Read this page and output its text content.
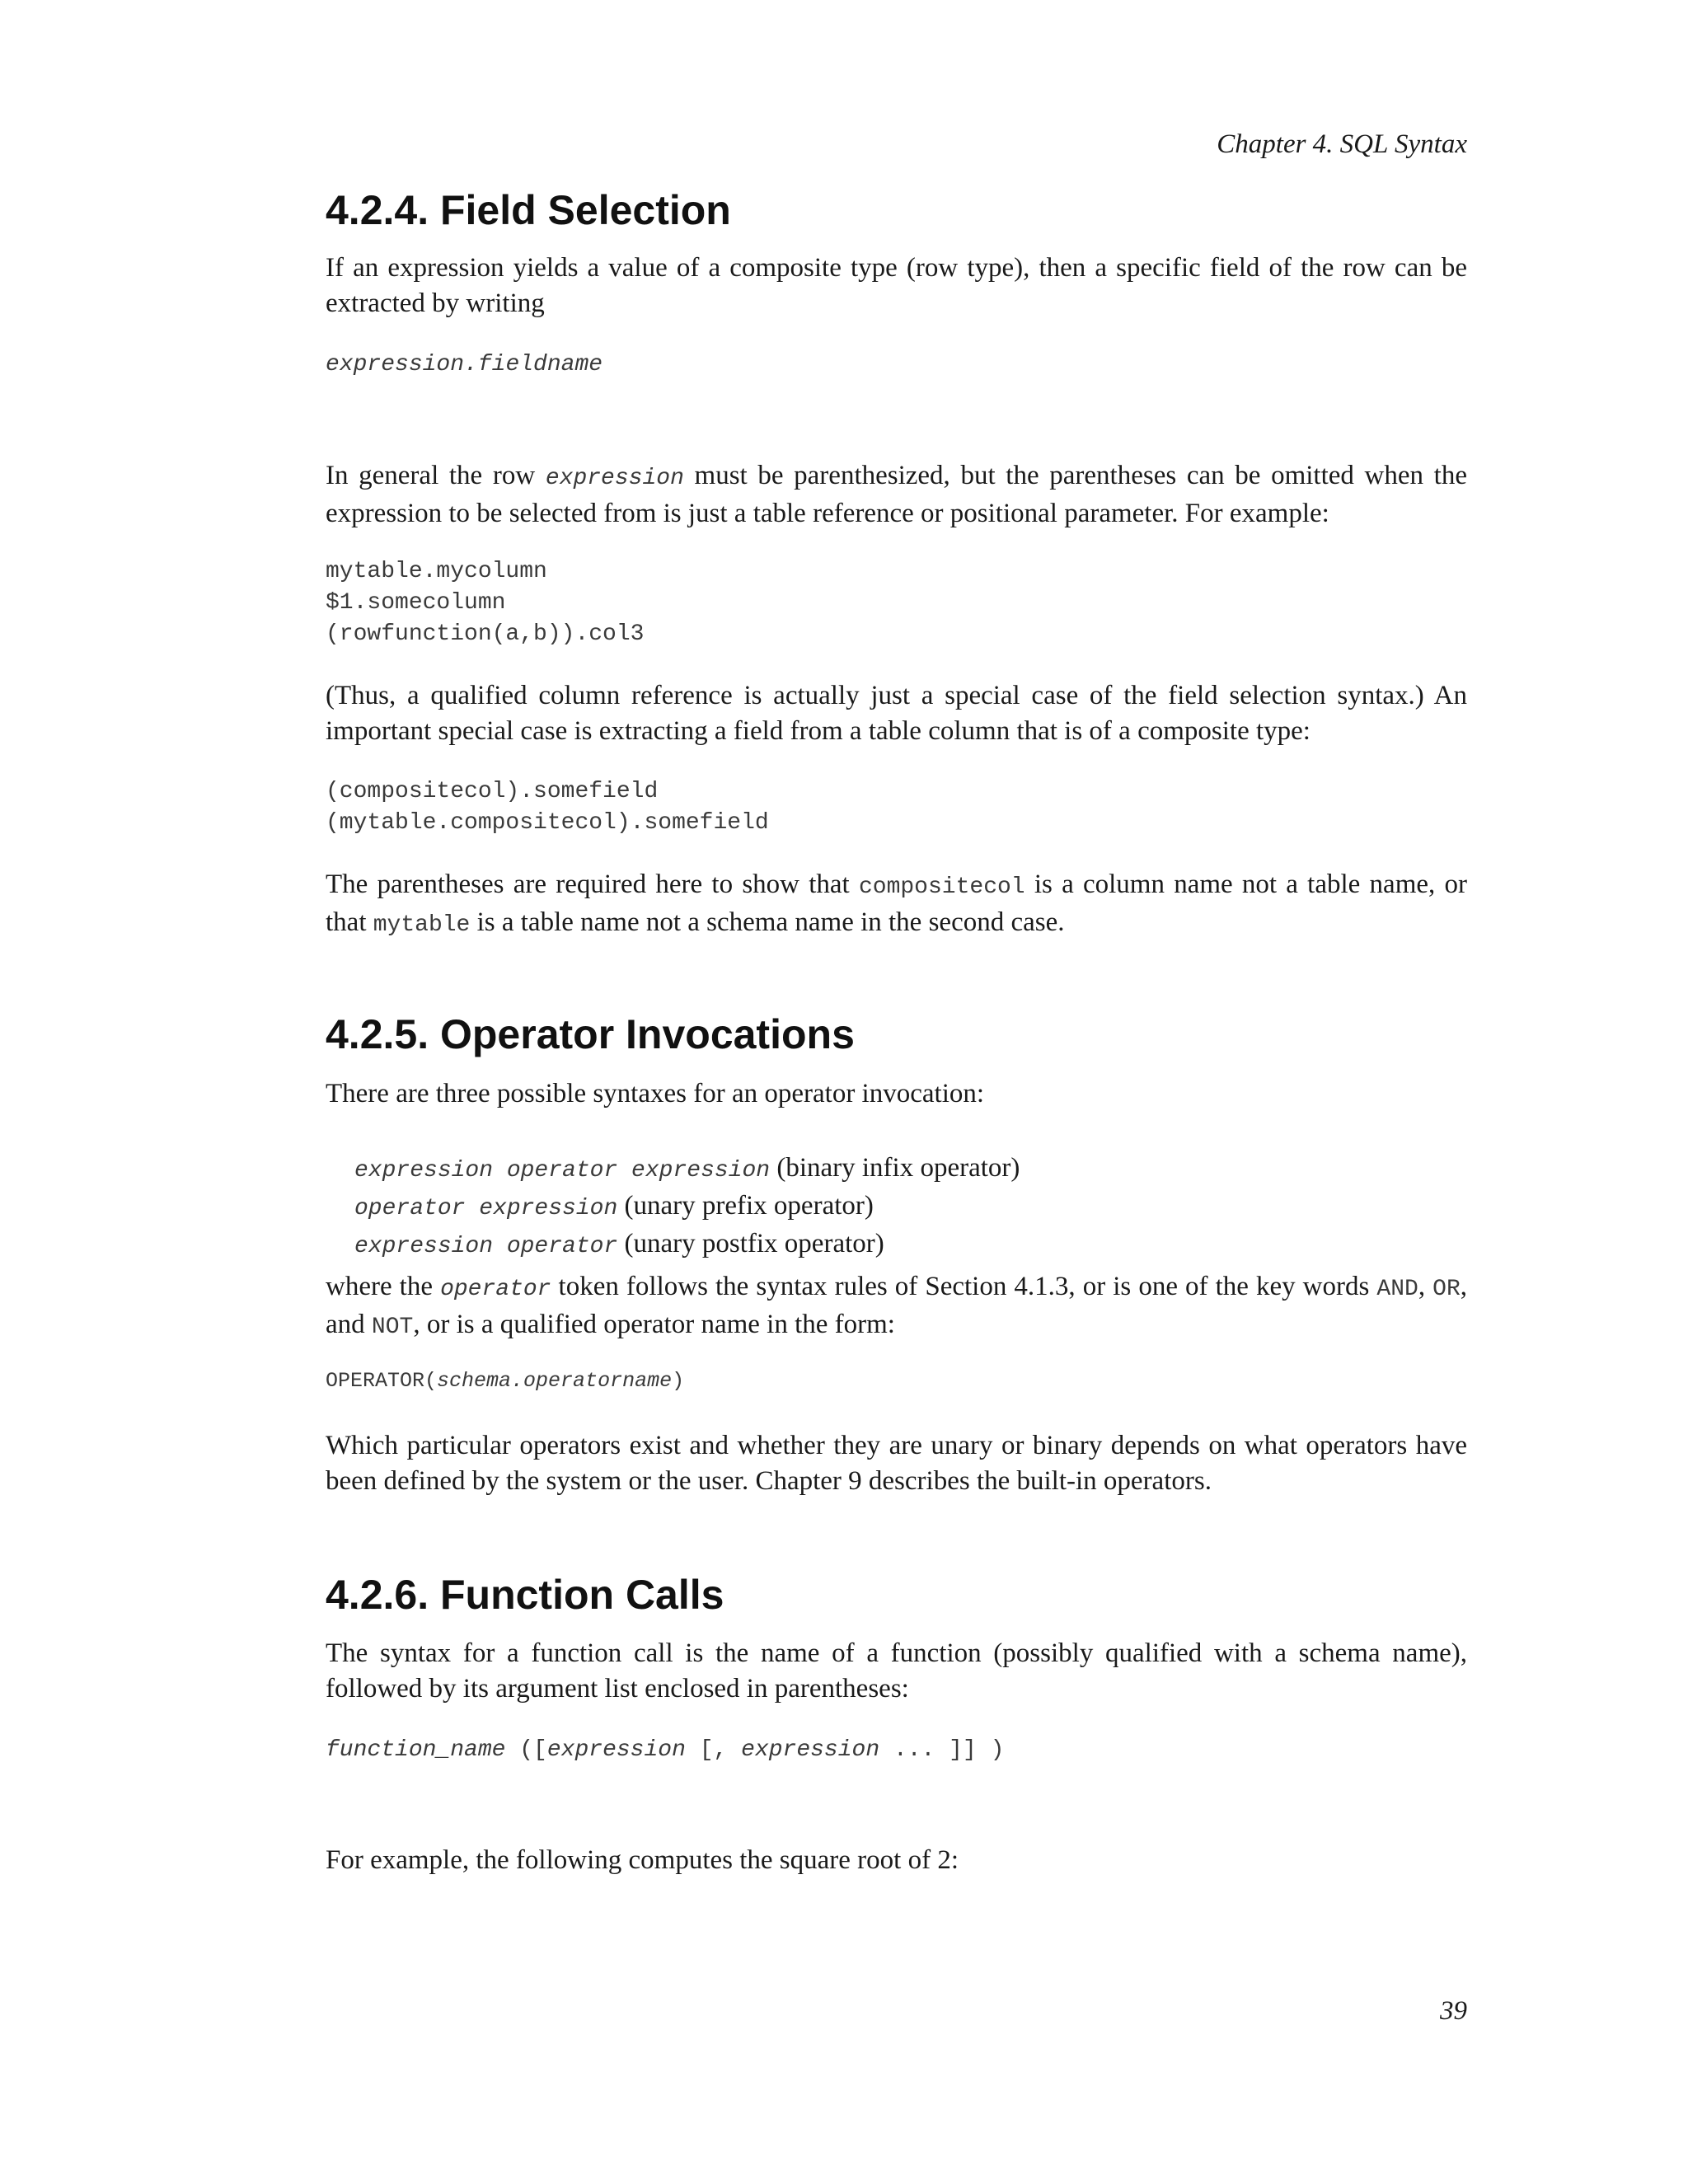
Chapter 4. SQL Syntax
4.2.4. Field Selection

If an expression yields a value of a composite type (row type), then a specific field of the row can be extracted by writing

expression.fieldname

In general the row expression must be parenthesized, but the parentheses can be omitted when the expression to be selected from is just a table reference or positional parameter. For example:

mytable.mycolumn
$1.somecolumn
(rowfunction(a,b)).col3

(Thus, a qualified column reference is actually just a special case of the field selection syntax.) An important special case is extracting a field from a table column that is of a composite type:

(compositecol).somefield
(mytable.compositecol).somefield

The parentheses are required here to show that compositecol is a column name not a table name, or that mytable is a table name not a schema name in the second case.

4.2.5. Operator Invocations

There are three possible syntaxes for an operator invocation:

expression operator expression (binary infix operator)
operator expression (unary prefix operator)
expression operator (unary postfix operator)

where the operator token follows the syntax rules of Section 4.1.3, or is one of the key words AND, OR, and NOT, or is a qualified operator name in the form:

OPERATOR(schema.operatorname)

Which particular operators exist and whether they are unary or binary depends on what operators have been defined by the system or the user. Chapter 9 describes the built-in operators.

4.2.6. Function Calls

The syntax for a function call is the name of a function (possibly qualified with a schema name), followed by its argument list enclosed in parentheses:

function_name ([expression [, expression ... ]] )

For example, the following computes the square root of 2:

39
